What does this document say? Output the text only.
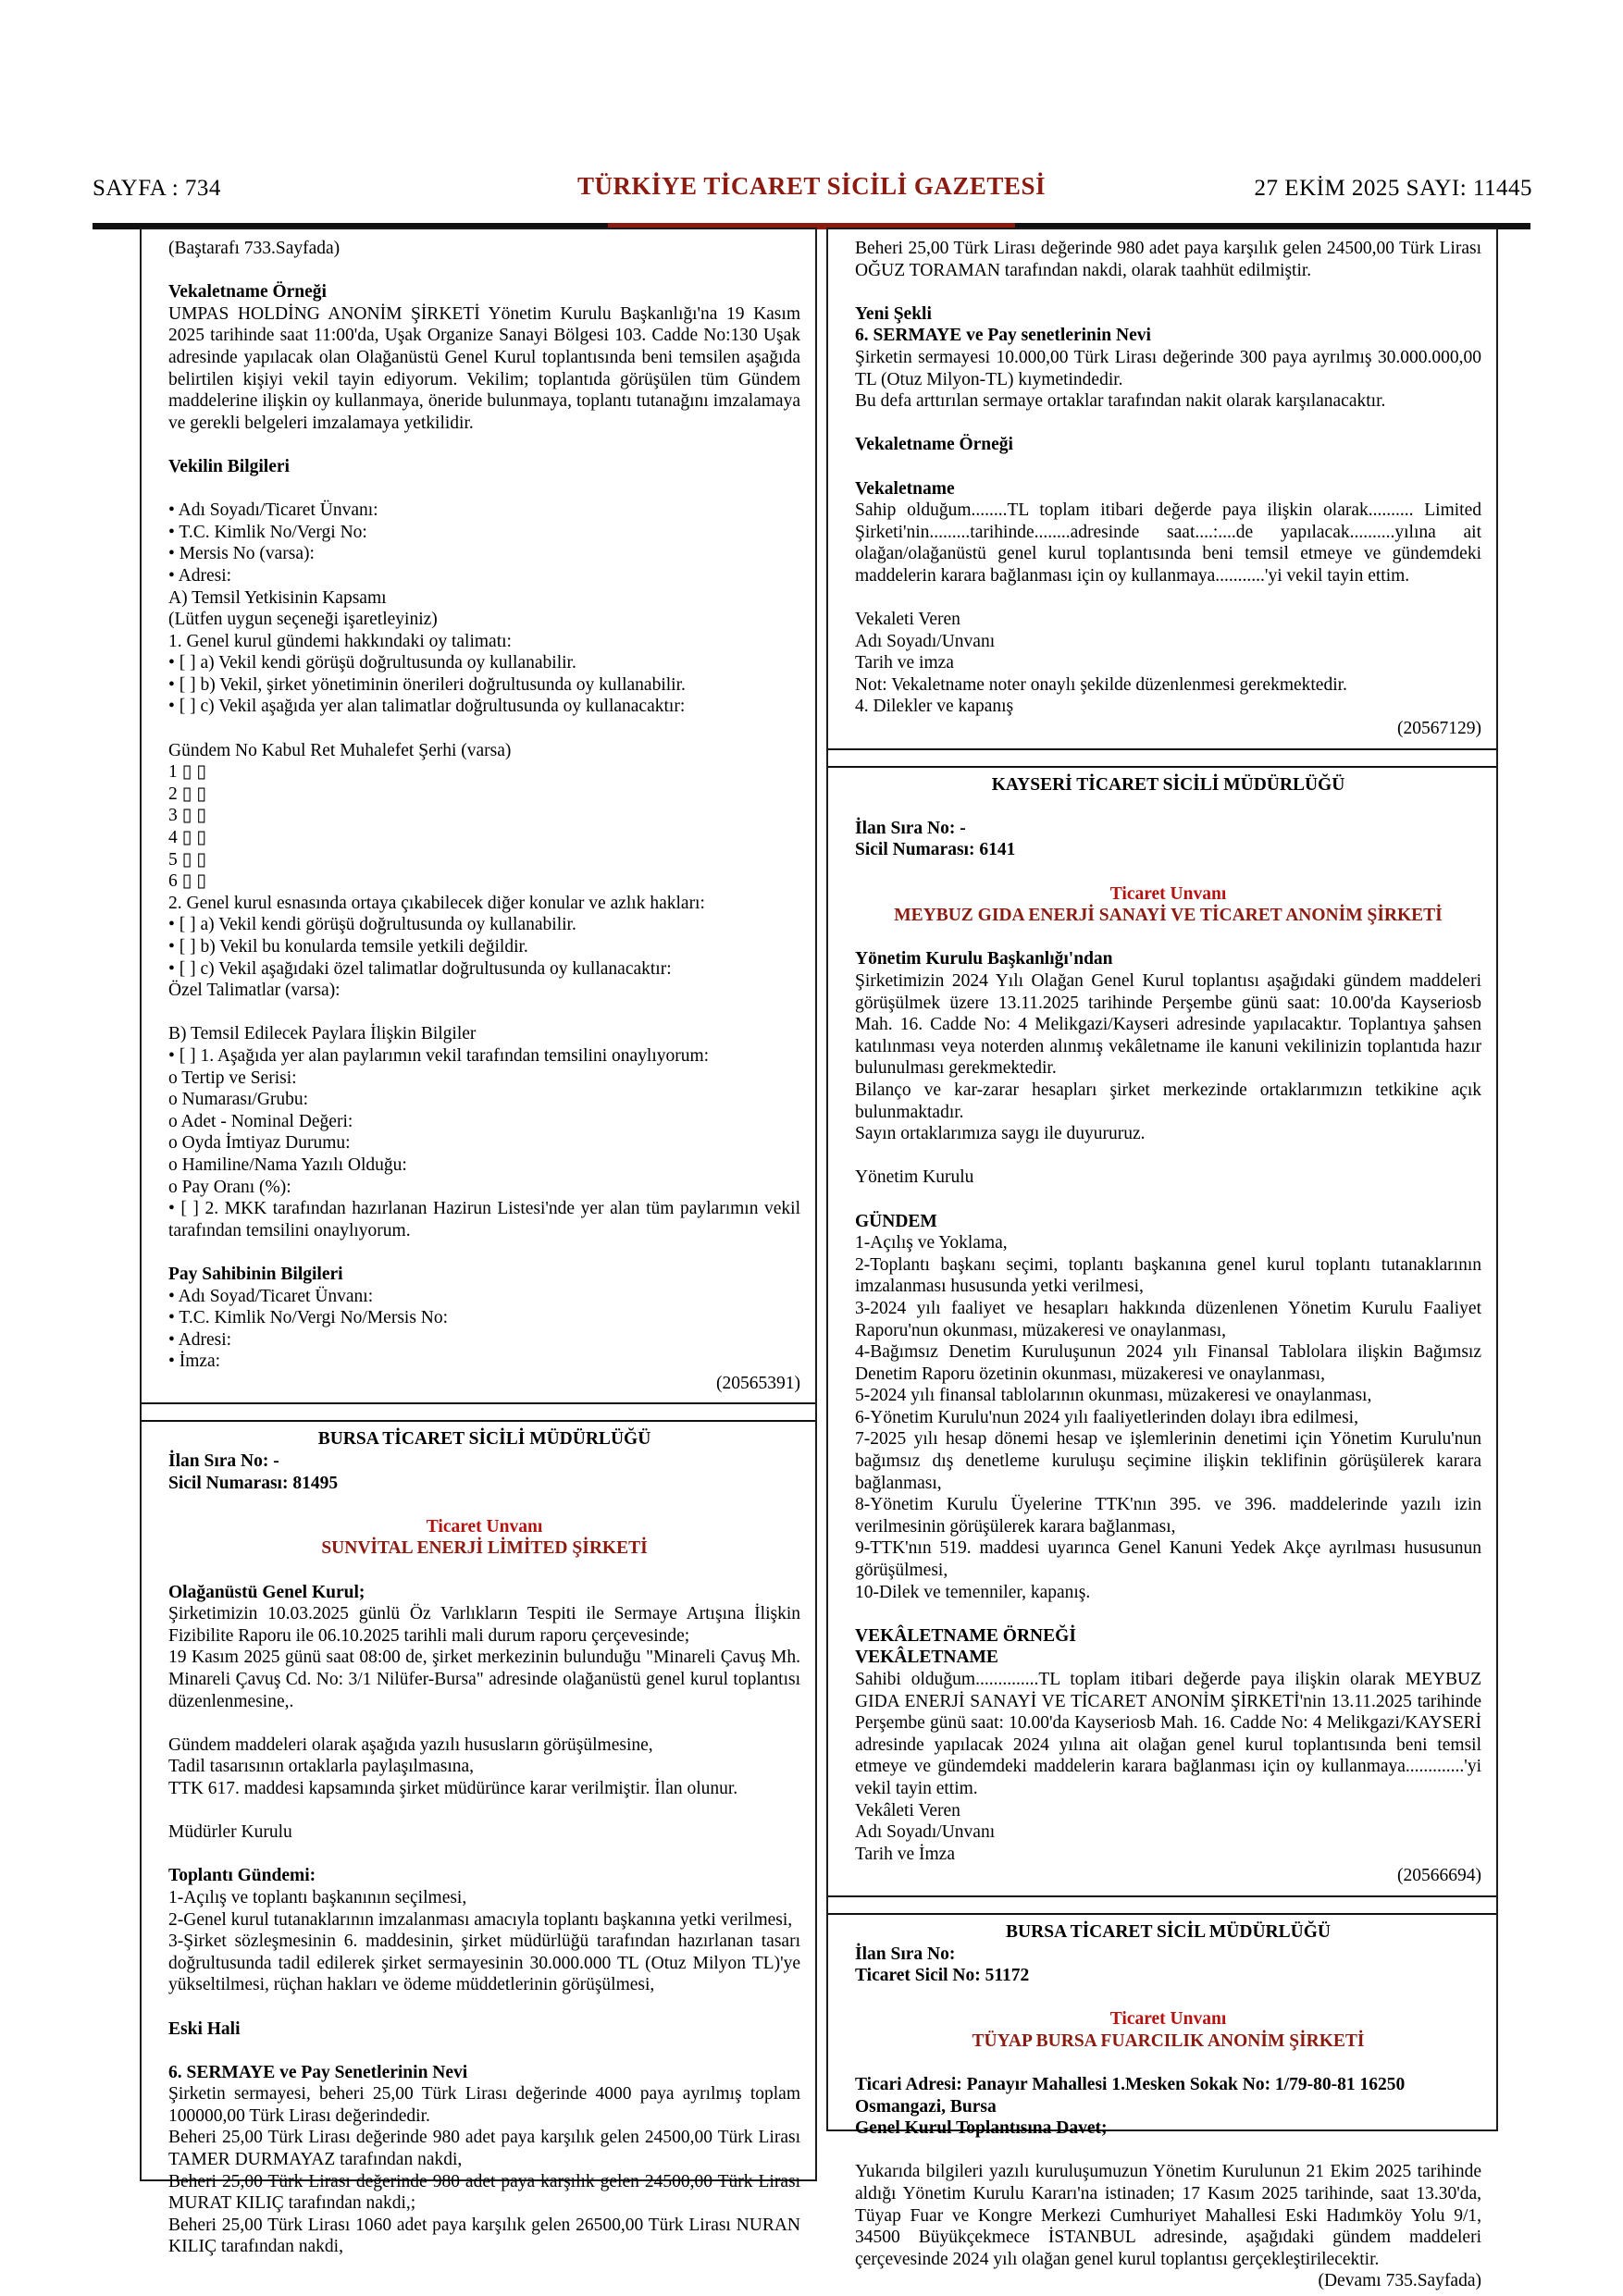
SAYFA : 734	TÜRKİYE TİCARET SİCİLİ GAZETESİ	27 EKİM 2025 SAYI: 11445
(Baştarafı 733.Sayfada)
Vekaletname Örneği
UMPAS HOLDİNG ANONİM ŞİRKETİ Yönetim Kurulu Başkanlığı'na 19 Kasım 2025 tarihinde saat 11:00'da, Uşak Organize Sanayi Bölgesi 103. Cadde No:130 Uşak adresinde yapılacak olan Olağanüstü Genel Kurul toplantısında beni temsilen aşağıda belirtilen kişiyi vekil tayin ediyorum. Vekilim; toplantıda görüşülen tüm Gündem maddelerine ilişkin oy kullanmaya, öneride bulunmaya, toplantı tutanağını imzalamaya ve gerekli belgeleri imzalamaya yetkilidir.
Vekilin Bilgileri
• Adı Soyadı/Ticaret Ünvanı:
• T.C. Kimlik No/Vergi No:
• Mersis No (varsa):
• Adresi:
A) Temsil Yetkisinin Kapsamı
(Lütfen uygun seçeneği işaretleyiniz)
1. Genel kurul gündemi hakkındaki oy talimatı:
• [ ] a) Vekil kendi görüşü doğrultusunda oy kullanabilir.
• [ ] b) Vekil, şirket yönetiminin önerileri doğrultusunda oy kullanabilir.
• [ ] c) Vekil aşağıda yer alan talimatlar doğrultusunda oy kullanacaktır:
Gündem No Kabul Ret Muhalefet Şerhi (varsa)
1 ▯ ▯
2 ▯ ▯
3 ▯ ▯
4 ▯ ▯
5 ▯ ▯
6 ▯ ▯
2. Genel kurul esnasında ortaya çıkabilecek diğer konular ve azlık hakları:
• [ ] a) Vekil kendi görüşü doğrultusunda oy kullanabilir.
• [ ] b) Vekil bu konularda temsile yetkili değildir.
• [ ] c) Vekil aşağıdaki özel talimatlar doğrultusunda oy kullanacaktır:
Özel Talimatlar (varsa):
B) Temsil Edilecek Paylara İlişkin Bilgiler
• [ ] 1. Aşağıda yer alan paylarımın vekil tarafından temsilini onaylıyorum:
o Tertip ve Serisi:
o Numarası/Grubu:
o Adet - Nominal Değeri:
o Oyda İmtiyaz Durumu:
o Hamiline/Nama Yazılı Olduğu:
o Pay Oranı (%):
• [ ] 2. MKK tarafından hazırlanan Hazirun Listesi'nde yer alan tüm paylarımın vekil tarafından temsilini onaylıyorum.
Pay Sahibinin Bilgileri
• Adı Soyad/Ticaret Ünvanı:
• T.C. Kimlik No/Vergi No/Mersis No:
• Adresi:
• İmza:
(20565391)
BURSA TİCARET SİCİLİ MÜDÜRLÜĞÜ
İlan Sıra No: -
Sicil Numarası: 81495
Ticaret Unvanı
SUNVİTAL ENERJİ LİMİTED ŞİRKETİ
Olağanüstü Genel Kurul;
Şirketimizin 10.03.2025 günlü Öz Varlıkların Tespiti ile Sermaye Artışına İlişkin Fizibilite Raporu ile 06.10.2025 tarihli mali durum raporu çerçevesinde;
19 Kasım 2025 günü saat 08:00 de, şirket merkezinin bulunduğu "Minareli Çavuş Mh. Minareli Çavuş Cd. No: 3/1 Nilüfer-Bursa" adresinde olağanüstü genel kurul toplantısı düzenlenmesine,.
Gündem maddeleri olarak aşağıda yazılı hususların görüşülmesine,
Tadil tasarısının ortaklarla paylaşılmasına,
TTK 617. maddesi kapsamında şirket müdürünce karar verilmiştir. İlan olunur.
Müdürler Kurulu
Toplantı Gündemi:
1-Açılış ve toplantı başkanının seçilmesi,
2-Genel kurul tutanaklarının imzalanması amacıyla toplantı başkanına yetki verilmesi,
3-Şirket sözleşmesinin 6. maddesinin, şirket müdürlüğü tarafından hazırlanan tasarı doğrultusunda tadil edilerek şirket sermayesinin 30.000.000 TL (Otuz Milyon TL)'ye yükseltilmesi, rüçhan hakları ve ödeme müddetlerinin görüşülmesi,
Eski Hali
6. SERMAYE ve Pay Senetlerinin Nevi
Şirketin sermayesi, beheri 25,00 Türk Lirası değerinde 4000 paya ayrılmış toplam 100000,00 Türk Lirası değerindedir.
Beheri 25,00 Türk Lirası değerinde 980 adet paya karşılık gelen 24500,00 Türk Lirası TAMER DURMAYAZ tarafından nakdi,
Beheri 25,00 Türk Lirası değerinde 980 adet paya karşılık gelen 24500,00 Türk Lirası MURAT KILIÇ tarafından nakdi,;
Beheri 25,00 Türk Lirası 1060 adet paya karşılık gelen 26500,00 Türk Lirası NURAN KILIÇ tarafından nakdi,
Beheri 25,00 Türk Lirası değerinde 980 adet paya karşılık gelen 24500,00 Türk Lirası OĞUZ TORAMAN tarafından nakdi, olarak taahhüt edilmiştir.
Yeni Şekli
6. SERMAYE ve Pay senetlerinin Nevi
Şirketin sermayesi 10.000,00 Türk Lirası değerinde 300 paya ayrılmış 30.000.000,00 TL (Otuz Milyon-TL) kıymetindedir.
Bu defa arttırılan sermaye ortaklar tarafından nakit olarak karşılanacaktır.
Vekaletname Örneği
Vekaletname
Sahip olduğum........TL toplam itibari değerde paya ilişkin olarak.......... Limited Şirketi'nin.........tarihinde........adresinde saat....:....de yapılacak..........yılına ait olağan/olağanüstü genel kurul toplantısında beni temsil etmeye ve gündemdeki maddelerin karara bağlanması için oy kullanmaya...........'yi vekil tayin ettim.
Vekaleti Veren
Adı Soyadı/Unvanı
Tarih ve imza
Not: Vekaletname noter onaylı şekilde düzenlenmesi gerekmektedir.
4. Dilekler ve kapanış
(20567129)
KAYSERİ TİCARET SİCİLİ MÜDÜRLÜĞÜ
İlan Sıra No: -
Sicil Numarası: 6141
Ticaret Unvanı
MEYBUZ GIDA ENERJİ SANAYİ VE TİCARET ANONİM ŞİRKETİ
Yönetim Kurulu Başkanlığı'ndan
Şirketimizin 2024 Yılı Olağan Genel Kurul toplantısı aşağıdaki gündem maddeleri görüşülmek üzere 13.11.2025 tarihinde Perşembe günü saat: 10.00'da Kayseriosb Mah. 16. Cadde No: 4 Melikgazi/Kayseri adresinde yapılacaktır. Toplantıya şahsen katılınması veya noterden alınmış vekâletname ile kanuni vekilinizin toplantıda hazır bulunulması gerekmektedir.
Bilanço ve kar-zarar hesapları şirket merkezinde ortaklarımızın tetkikine açık bulunmaktadır.
Sayın ortaklarımıza saygı ile duyururuz.
Yönetim Kurulu
GÜNDEM
1-Açılış ve Yoklama,
2-Toplantı başkanı seçimi, toplantı başkanına genel kurul toplantı tutanaklarının imzalanması hususunda yetki verilmesi,
3-2024 yılı faaliyet ve hesapları hakkında düzenlenen Yönetim Kurulu Faaliyet Raporu'nun okunması, müzakeresi ve onaylanması,
4-Bağımsız Denetim Kuruluşunun 2024 yılı Finansal Tablolara ilişkin Bağımsız Denetim Raporu özetinin okunması, müzakeresi ve onaylanması,
5-2024 yılı finansal tablolarının okunması, müzakeresi ve onaylanması,
6-Yönetim Kurulu'nun 2024 yılı faaliyetlerinden dolayı ibra edilmesi,
7-2025 yılı hesap dönemi hesap ve işlemlerinin denetimi için Yönetim Kurulu'nun bağımsız dış denetleme kuruluşu seçimine ilişkin teklifinin görüşülerek karara bağlanması,
8-Yönetim Kurulu Üyelerine TTK'nın 395. ve 396. maddelerinde yazılı izin verilmesinin görüşülerek karara bağlanması,
9-TTK'nın 519. maddesi uyarınca Genel Kanuni Yedek Akçe ayrılması hususunun görüşülmesi,
10-Dilek ve temenniler, kapanış.
VEKÂLETNAME ÖRNEĞİ
VEKÂLETNAME
Sahibi olduğum..............TL toplam itibari değerde paya ilişkin olarak MEYBUZ GIDA ENERJİ SANAYİ VE TİCARET ANONİM ŞİRKETİ'nin 13.11.2025 tarihinde Perşembe günü saat: 10.00'da Kayseriosb Mah. 16. Cadde No: 4 Melikgazi/KAYSERİ adresinde yapılacak 2024 yılına ait olağan genel kurul toplantısında beni temsil etmeye ve gündemdeki maddelerin karara bağlanması için oy kullanmaya.............'yi vekil tayin ettim.
Vekâleti Veren
Adı Soyadı/Unvanı
Tarih ve İmza
(20566694)
BURSA TİCARET SİCİL MÜDÜRLÜĞÜ
İlan Sıra No:
Ticaret Sicil No: 51172
Ticaret Unvanı
TÜYAP BURSA FUARCILIK ANONİM ŞİRKETİ
Ticari Adresi: Panayır Mahallesi 1.Mesken Sokak No: 1/79-80-81 16250 Osmangazi, Bursa
Genel Kurul Toplantısına Davet;
Yukarıda bilgileri yazılı kuruluşumuzun Yönetim Kurulunun 21 Ekim 2025 tarihinde aldığı Yönetim Kurulu Kararı'na istinaden; 17 Kasım 2025 tarihinde, saat 13.30'da, Tüyap Fuar ve Kongre Merkezi Cumhuriyet Mahallesi Eski Hadımköy Yolu 9/1, 34500 Büyükçekmece İSTANBUL adresinde, aşağıdaki gündem maddeleri çerçevesinde 2024 yılı olağan genel kurul toplantısı gerçekleştirilecektir.
(Devamı 735.Sayfada)
